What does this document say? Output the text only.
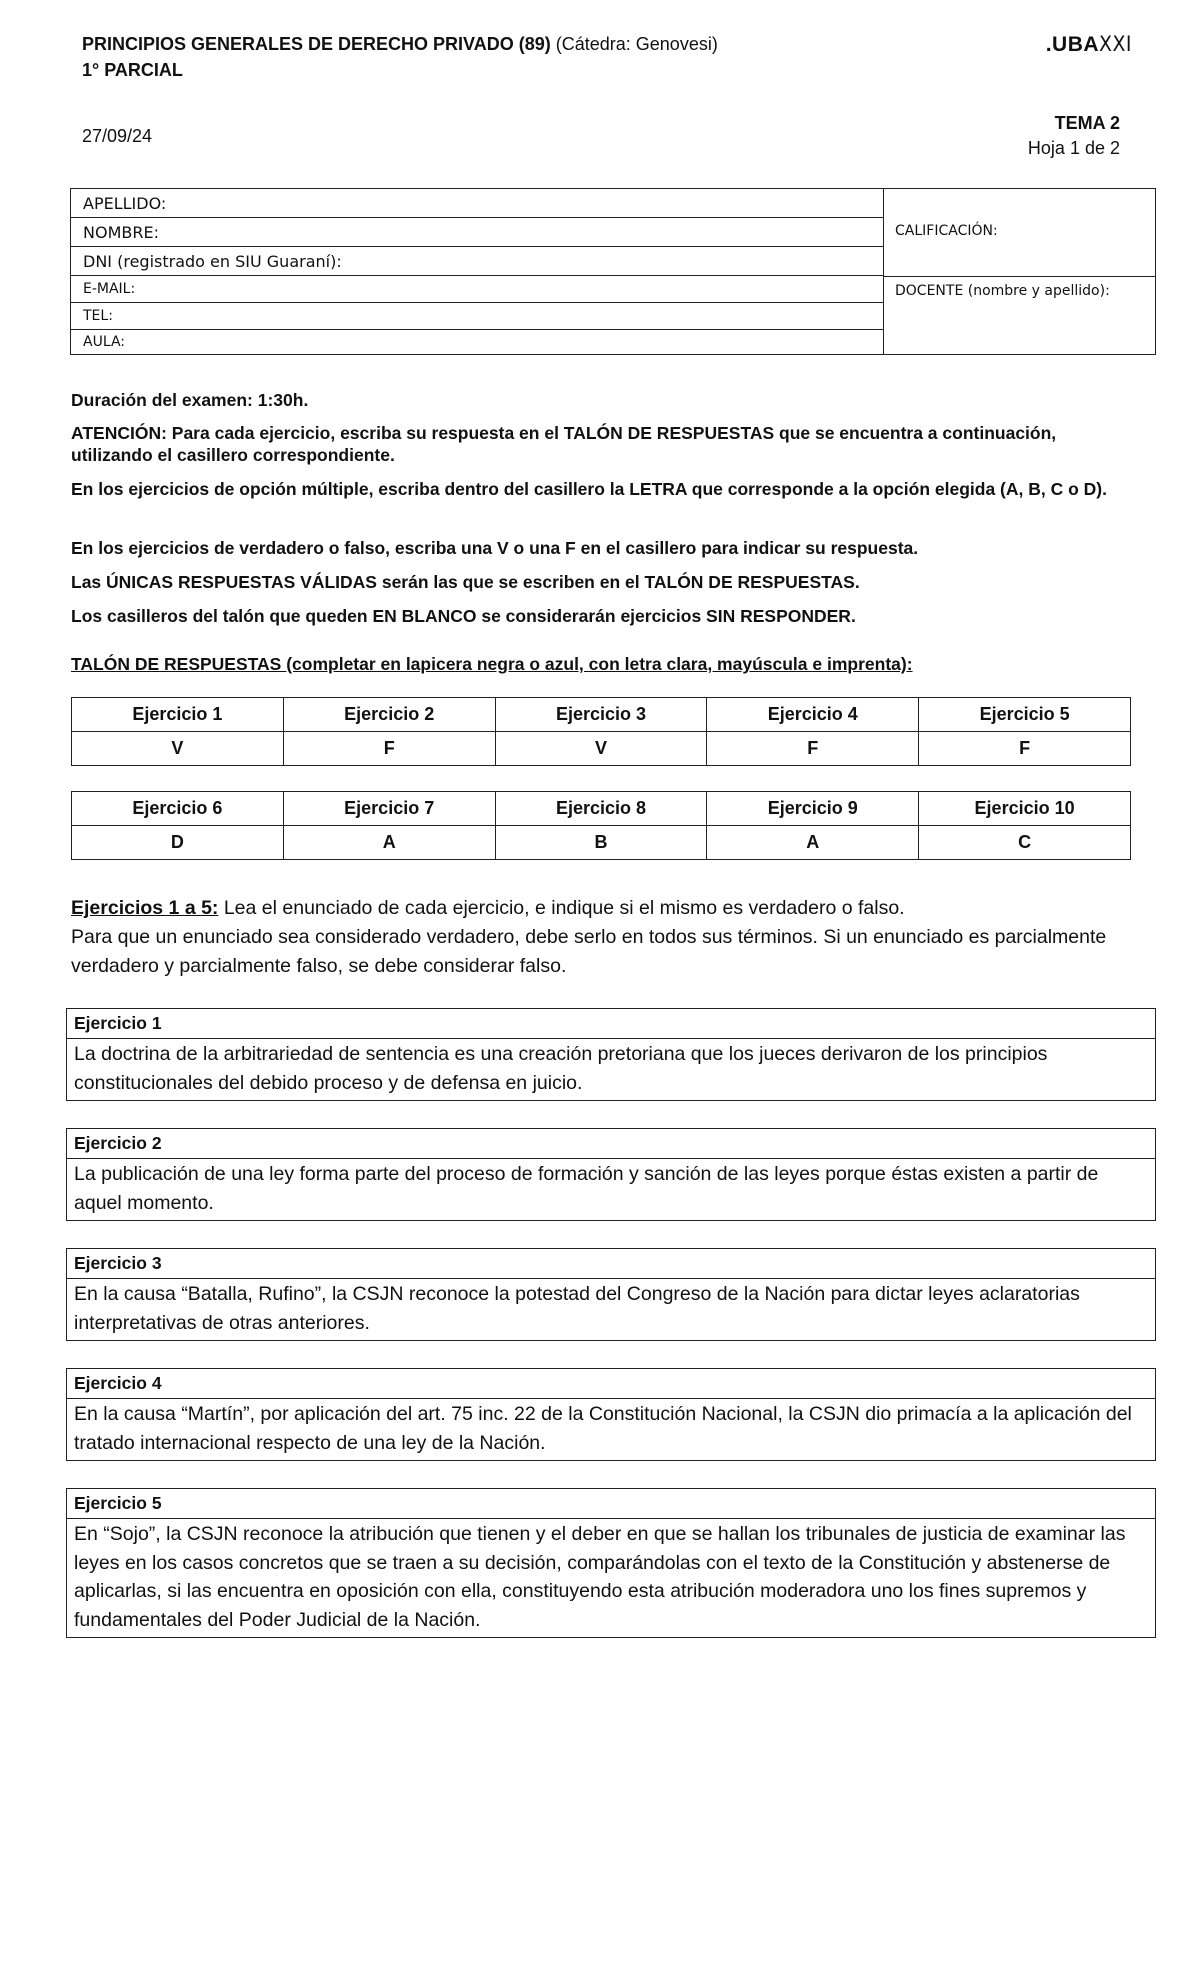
PRINCIPIOS GENERALES DE DERECHO PRIVADO (89) (Cátedra: Genovesi)
1° PARCIAL
.UBAXXI
27/09/24
TEMA 2
Hoja 1 de 2
APELLIDO:
NOMBRE:
DNI (registrado en SIU Guaraní):
E-MAIL:
TEL:
AULA:
CALIFICACIÓN:
DOCENTE (nombre y apellido):
Duración del examen: 1:30h.
ATENCIÓN: Para cada ejercicio, escriba su respuesta en el TALÓN DE RESPUESTAS que se encuentra a continuación, utilizando el casillero correspondiente.
En los ejercicios de opción múltiple, escriba dentro del casillero la LETRA que corresponde a la opción elegida (A, B, C o D).
En los ejercicios de verdadero o falso, escriba una V o una F en el casillero para indicar su respuesta.
Las ÚNICAS RESPUESTAS VÁLIDAS serán las que se escriben en el TALÓN DE RESPUESTAS.
Los casilleros del talón que queden EN BLANCO se considerarán ejercicios SIN RESPONDER.
TALÓN DE RESPUESTAS (completar en lapicera negra o azul, con letra clara, mayúscula e imprenta):
Ejercicio 1	Ejercicio 2	Ejercicio 3	Ejercicio 4	Ejercicio 5
V	F	V	F	F
Ejercicio 6	Ejercicio 7	Ejercicio 8	Ejercicio 9	Ejercicio 10
D	A	B	A	C
Ejercicios 1 a 5: Lea el enunciado de cada ejercicio, e indique si el mismo es verdadero o falso.
Para que un enunciado sea considerado verdadero, debe serlo en todos sus términos. Si un enunciado es parcialmente verdadero y parcialmente falso, se debe considerar falso.
Ejercicio 1
La doctrina de la arbitrariedad de sentencia es una creación pretoriana que los jueces derivaron de los principios constitucionales del debido proceso y de defensa en juicio.
Ejercicio 2
La publicación de una ley forma parte del proceso de formación y sanción de las leyes porque éstas existen a partir de aquel momento.
Ejercicio 3
En la causa “Batalla, Rufino”, la CSJN reconoce la potestad del Congreso de la Nación para dictar leyes aclaratorias interpretativas de otras anteriores.
Ejercicio 4
En la causa “Martín”, por aplicación del art. 75 inc. 22 de la Constitución Nacional, la CSJN dio primacía a la aplicación del tratado internacional respecto de una ley de la Nación.
Ejercicio 5
En “Sojo”, la CSJN reconoce la atribución que tienen y el deber en que se hallan los tribunales de justicia de examinar las leyes en los casos concretos que se traen a su decisión, comparándolas con el texto de la Constitución y abstenerse de aplicarlas, si las encuentra en oposición con ella, constituyendo esta atribución moderadora uno los fines supremos y fundamentales del Poder Judicial de la Nación.
